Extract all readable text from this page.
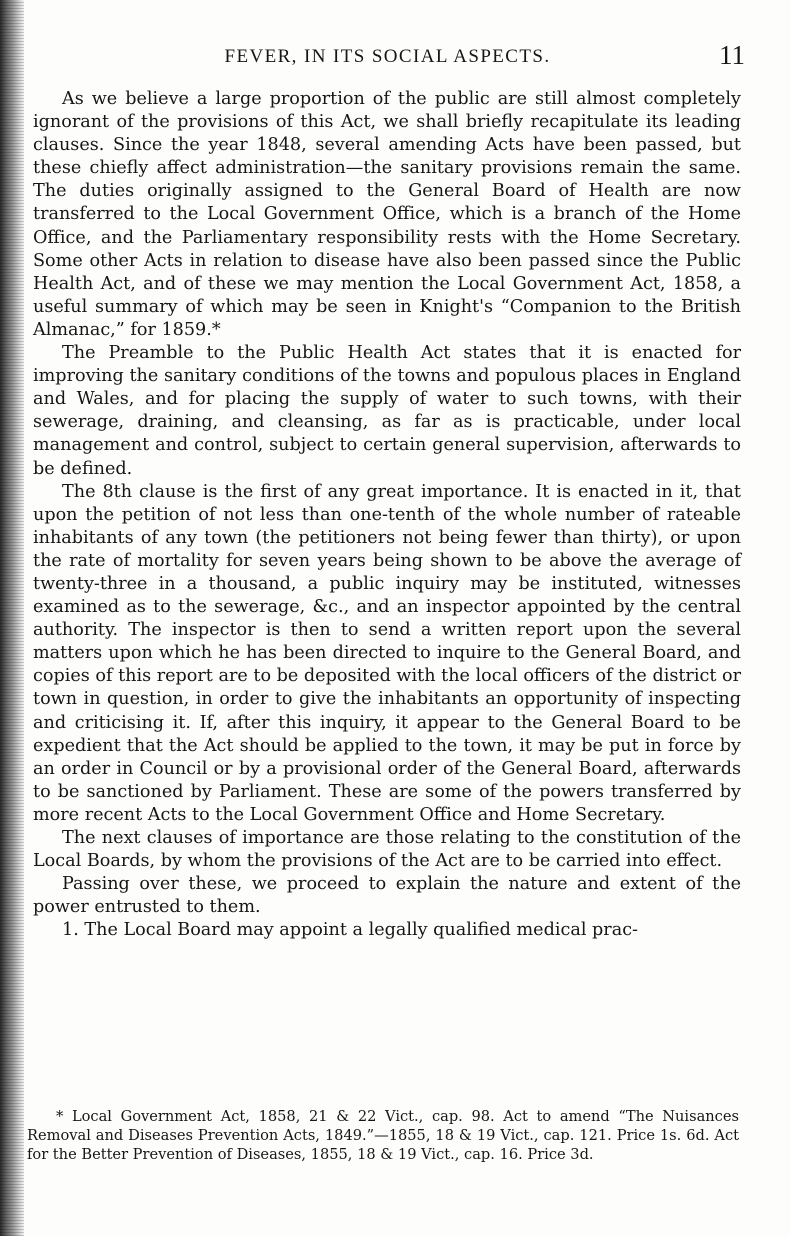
FEVER, IN ITS SOCIAL ASPECTS.	11

As we believe a large proportion of the public are still almost completely ignorant of the provisions of this Act, we shall briefly recapitulate its leading clauses. Since the year 1848, several amending Acts have been passed, but these chiefly affect administration—the sanitary provisions remain the same. The duties originally assigned to the General Board of Health are now transferred to the Local Government Office, which is a branch of the Home Office, and the Parliamentary responsibility rests with the Home Secretary. Some other Acts in relation to disease have also been passed since the Public Health Act, and of these we may mention the Local Government Act, 1858, a useful summary of which may be seen in Knight's “Companion to the British Almanac,” for 1859.*

The Preamble to the Public Health Act states that it is enacted for improving the sanitary conditions of the towns and populous places in England and Wales, and for placing the supply of water to such towns, with their sewerage, draining, and cleansing, as far as is practicable, under local management and control, subject to certain general supervision, afterwards to be defined.

The 8th clause is the first of any great importance. It is enacted in it, that upon the petition of not less than one-tenth of the whole number of rateable inhabitants of any town (the petitioners not being fewer than thirty), or upon the rate of mortality for seven years being shown to be above the average of twenty-three in a thousand, a public inquiry may be instituted, witnesses examined as to the sewerage, &c., and an inspector appointed by the central authority. The inspector is then to send a written report upon the several matters upon which he has been directed to inquire to the General Board, and copies of this report are to be deposited with the local officers of the district or town in question, in order to give the inhabitants an opportunity of inspecting and criticising it. If, after this inquiry, it appear to the General Board to be expedient that the Act should be applied to the town, it may be put in force by an order in Council or by a provisional order of the General Board, afterwards to be sanctioned by Parliament. These are some of the powers transferred by more recent Acts to the Local Government Office and Home Secretary.

The next clauses of importance are those relating to the constitution of the Local Boards, by whom the provisions of the Act are to be carried into effect.

Passing over these, we proceed to explain the nature and extent of the power entrusted to them.

1. The Local Board may appoint a legally qualified medical prac-

* Local Government Act, 1858, 21 & 22 Vict., cap. 98. Act to amend “The Nuisances Removal and Diseases Prevention Acts, 1849.”—1855, 18 & 19 Vict., cap. 121. Price 1s. 6d. Act for the Better Prevention of Diseases, 1855, 18 & 19 Vict., cap. 16. Price 3d.
